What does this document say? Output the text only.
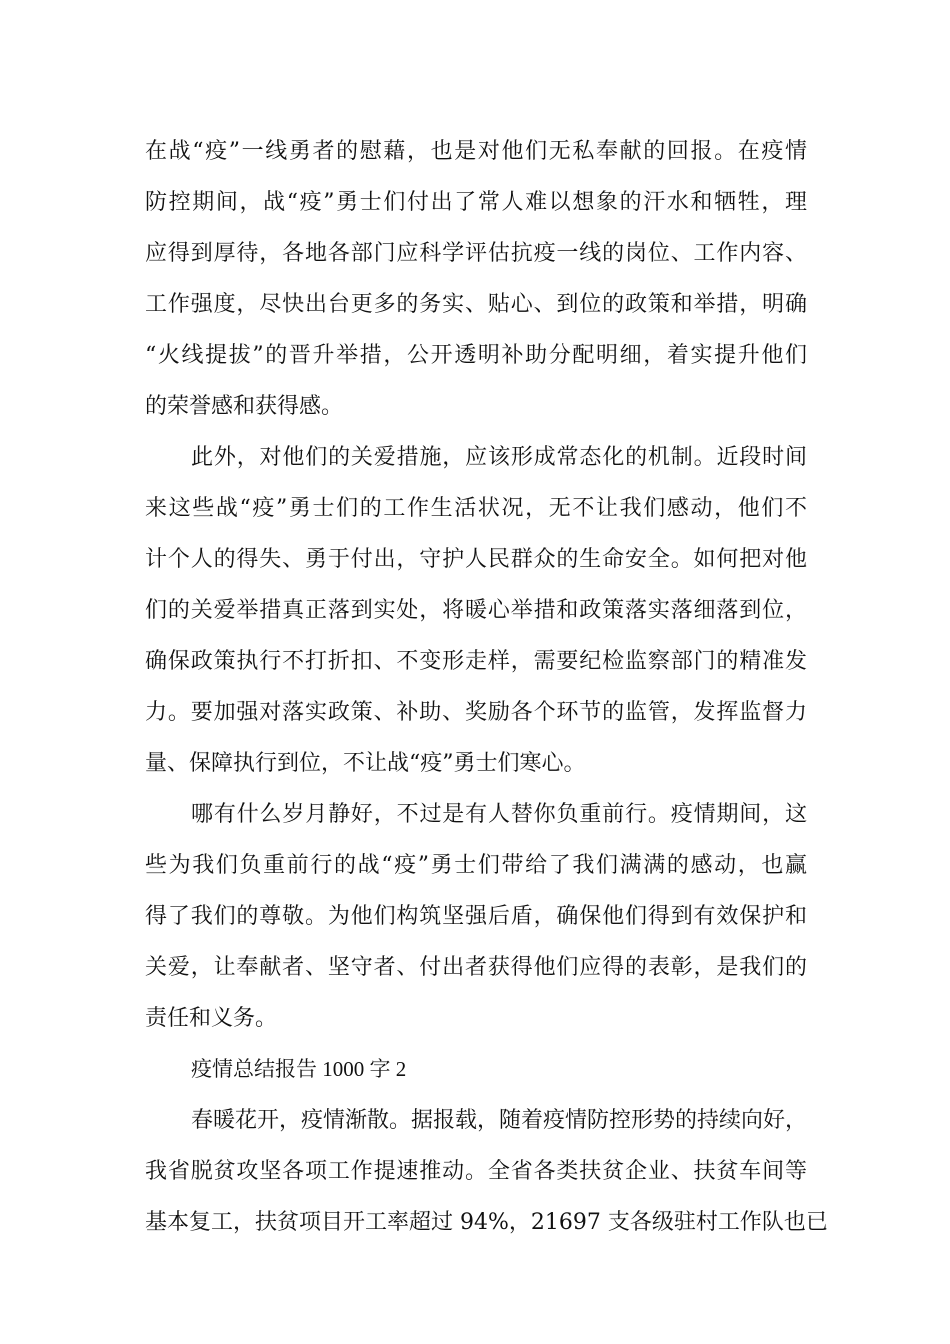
在战“疫”一线勇者的慰藉，也是对他们无私奉献的回报。在疫情
防控期间，战“疫”勇士们付出了常人难以想象的汗水和牺牲，理
应得到厚待，各地各部门应科学评估抗疫一线的岗位、工作内容、
工作强度，尽快出台更多的务实、贴心、到位的政策和举措，明确
“火线提拔”的晋升举措，公开透明补助分配明细，着实提升他们
的荣誉感和获得感。
此外，对他们的关爱措施，应该形成常态化的机制。近段时间
来这些战“疫”勇士们的工作生活状况，无不让我们感动，他们不
计个人的得失、勇于付出，守护人民群众的生命安全。如何把对他
们的关爱举措真正落到实处，将暖心举措和政策落实落细落到位，
确保政策执行不打折扣、不变形走样，需要纪检监察部门的精准发
力。要加强对落实政策、补助、奖励各个环节的监管，发挥监督力
量、保障执行到位，不让战“疫”勇士们寒心。
哪有什么岁月静好，不过是有人替你负重前行。疫情期间，这
些为我们负重前行的战“疫”勇士们带给了我们满满的感动，也赢
得了我们的尊敬。为他们构筑坚强后盾，确保他们得到有效保护和
关爱，让奉献者、坚守者、付出者获得他们应得的表彰，是我们的
责任和义务。
疫情总结报告 1000 字 2
春暖花开，疫情渐散。据报载，随着疫情防控形势的持续向好，
我省脱贫攻坚各项工作提速推动。全省各类扶贫企业、扶贫车间等
基本复工，扶贫项目开工率超过 94%，21697 支各级驻村工作队也已
